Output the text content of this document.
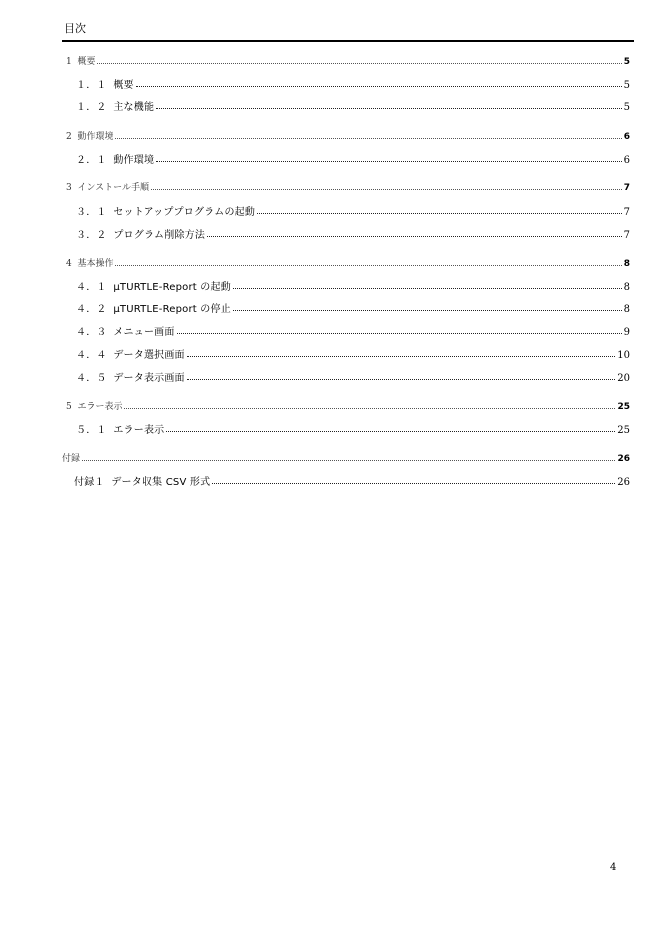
目次
1  概要	5
１．１  概要	5
１．２  主な機能	5
2  動作環境	6
２．１  動作環境	6
3  インストール手順	7
３．１  セットアッププログラムの起動	7
３．２  プログラム削除方法	7
4  基本操作	8
４．１  µTURTLE-Report の起動	8
４．２  µTURTLE-Report の停止	8
４．３  メニュー画面	9
４．４  データ選択画面	10
４．５  データ表示画面	20
5  エラー表示	25
５．１  エラー表示	25
付録	26
付録１  データ収集 CSV 形式	26
4
